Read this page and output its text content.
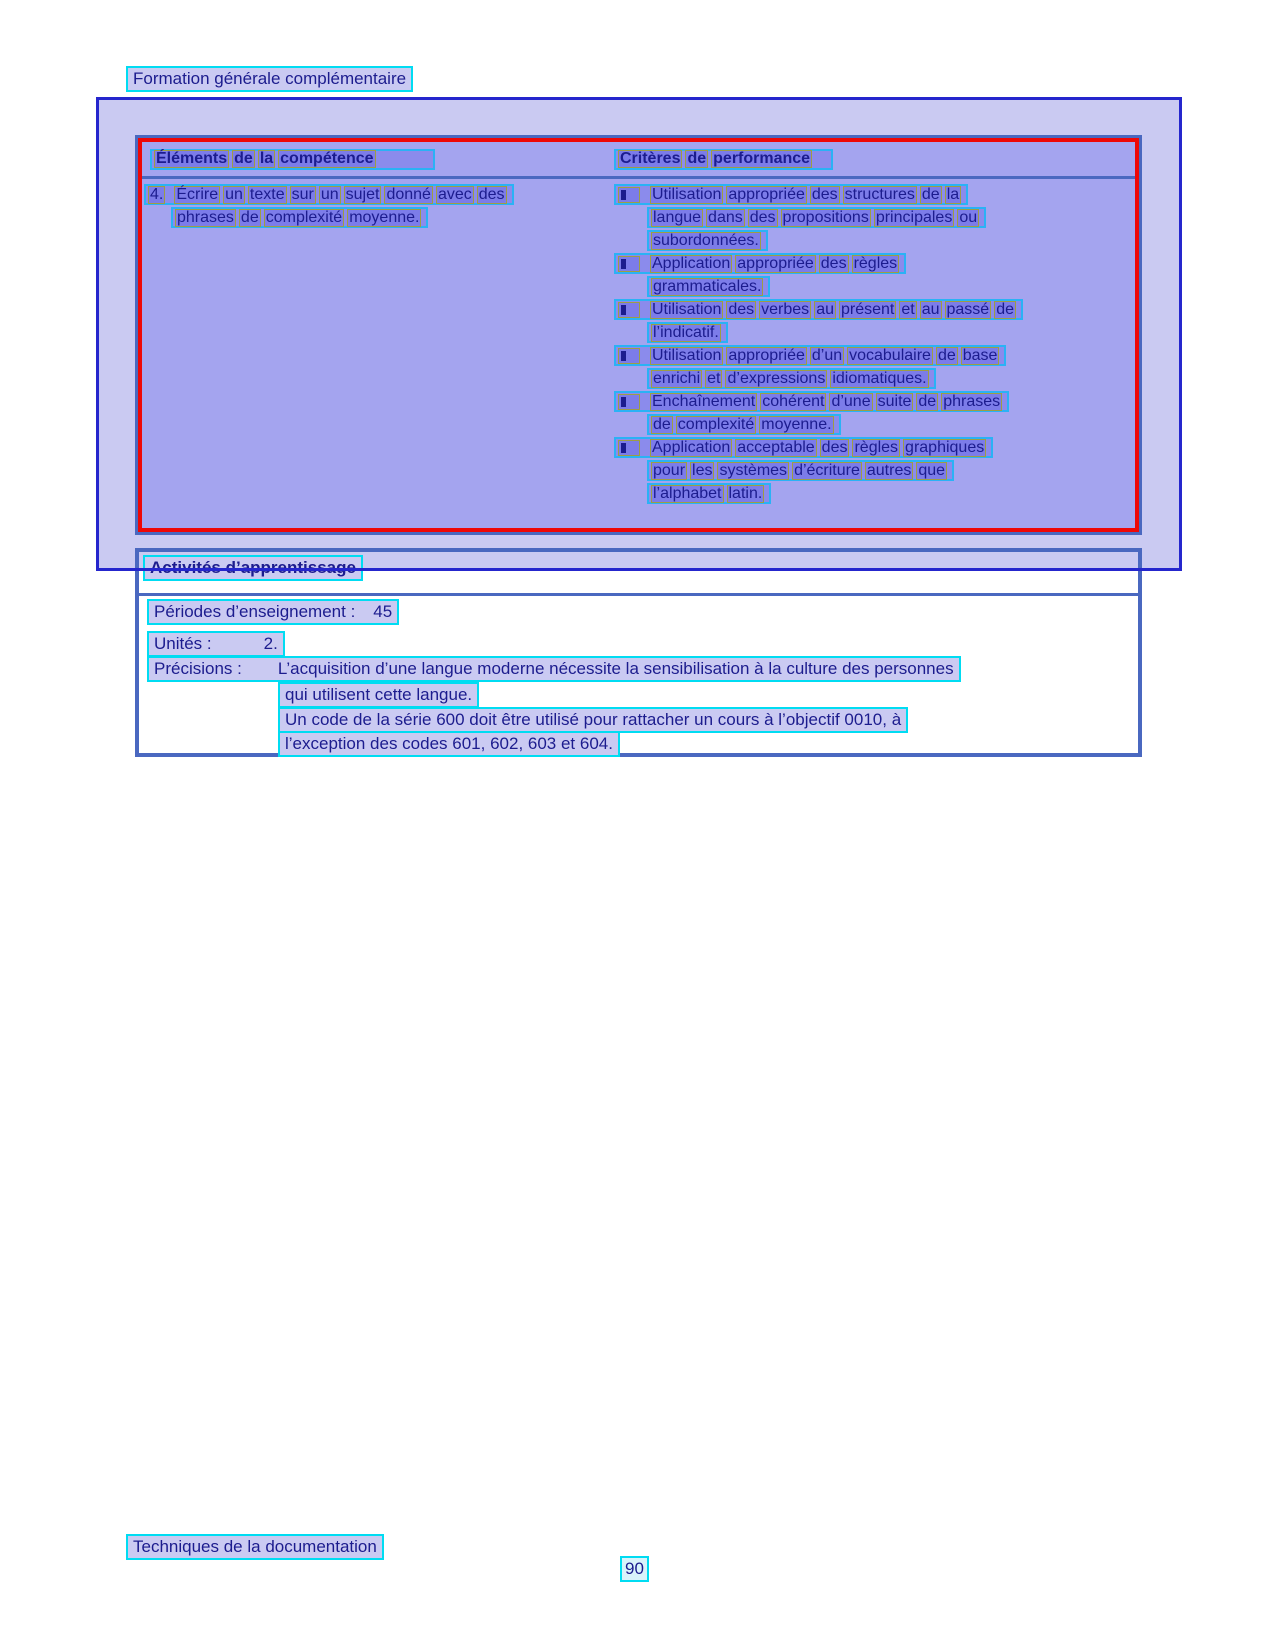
Formation générale complémentaire
Éléments de la compétence	Critères de performance
4. Écrire un texte sur un sujet donné avec des
phrases de complexité moyenne.
Utilisation appropriée des structures de la
langue dans des propositions principales ou
subordonnées.
Application appropriée des règles
grammaticales.
Utilisation des verbes au présent et au passé de
l’indicatif.
Utilisation appropriée d’un vocabulaire de base
enrichi et d’expressions idiomatiques.
Enchaînement cohérent d’une suite de phrases
de complexité moyenne.
Application acceptable des règles graphiques
pour les systèmes d’écriture autres que
l’alphabet latin.
Périodes d’enseignement : 45
Unités :	2.
Précisions : L’acquisition d’une langue moderne nécessite la sensibilisation à la culture des personnes
qui utilisent cette langue.
Un code de la série 600 doit être utilisé pour rattacher un cours à l’objectif 0010, à
l’exception des codes 601, 602, 603 et 604.
Techniques de la documentation
90
